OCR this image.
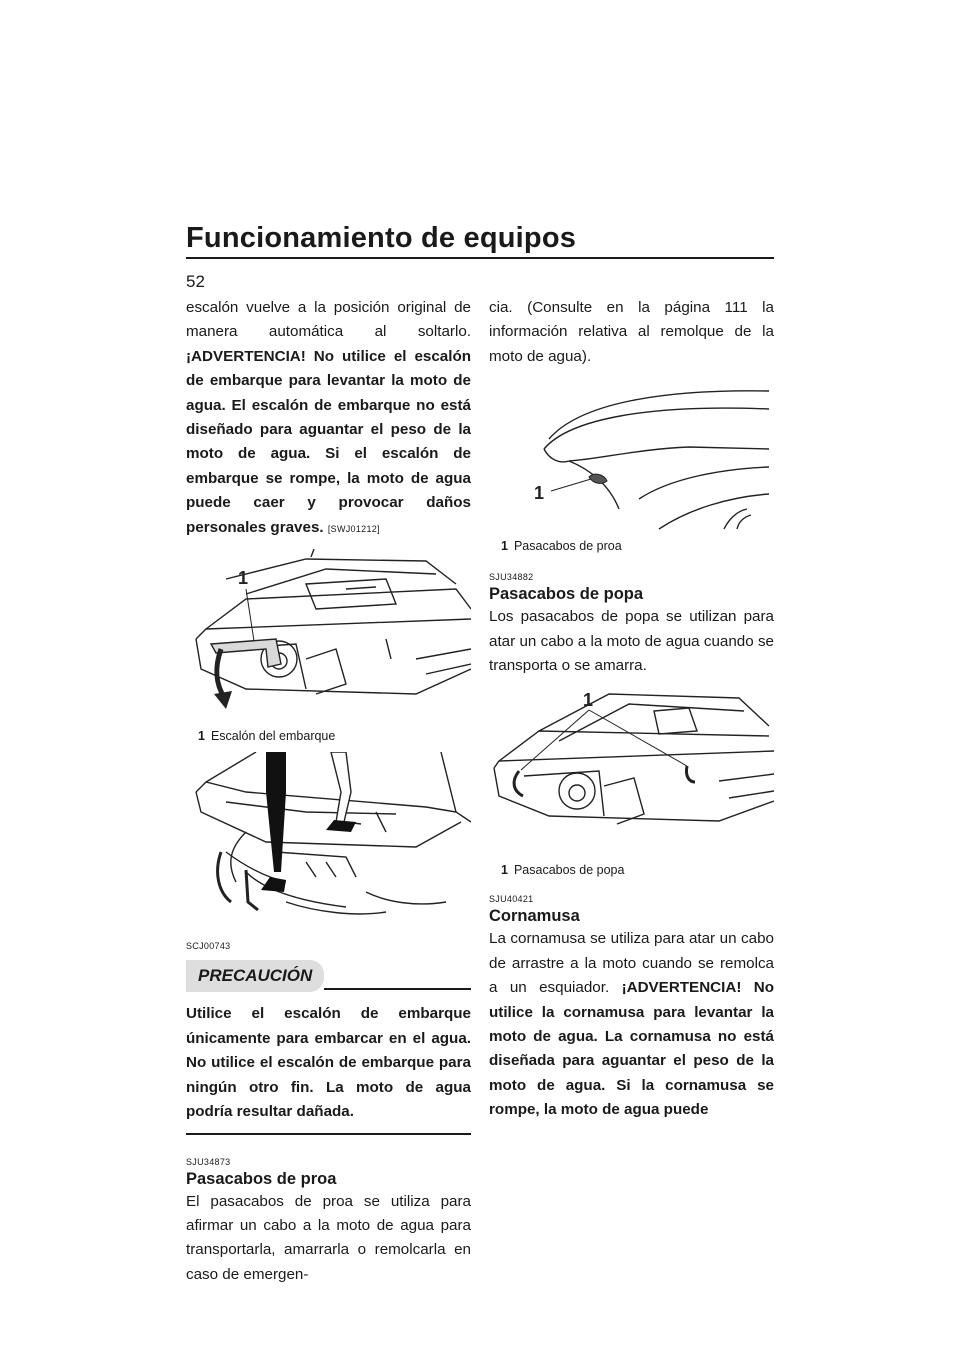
Funcionamiento de equipos
52

escalón vuelve a la posición original de manera automática al soltarlo. ¡ADVERTENCIA! No utilice el escalón de embarque para levantar la moto de agua. El escalón de embarque no está diseñado para aguantar el peso de la moto de agua. Si el escalón de embarque se rompe, la moto de agua puede caer y provocar daños personales graves. [SWJ01212]

1

1 Escalón del embarque

SCJ00743

PRECAUCIÓN

Utilice el escalón de embarque únicamente para embarcar en el agua. No utilice el escalón de embarque para ningún otro fin. La moto de agua podría resultar dañada.

SJU34873

Pasacabos de proa

El pasacabos de proa se utiliza para afirmar un cabo a la moto de agua para transportarla, amarrarla o remolcarla en caso de emergen-

cia. (Consulte en la página 111 la información relativa al remolque de la moto de agua).

1

1 Pasacabos de proa

SJU34882

Pasacabos de popa

Los pasacabos de popa se utilizan para atar un cabo a la moto de agua cuando se transporta o se amarra.

1

1 Pasacabos de popa

SJU40421

Cornamusa

La cornamusa se utiliza para atar un cabo de arrastre a la moto cuando se remolca a un esquiador. ¡ADVERTENCIA! No utilice la cornamusa para levantar la moto de agua. La cornamusa no está diseñada para aguantar el peso de la moto de agua. Si la cornamusa se rompe, la moto de agua puede
